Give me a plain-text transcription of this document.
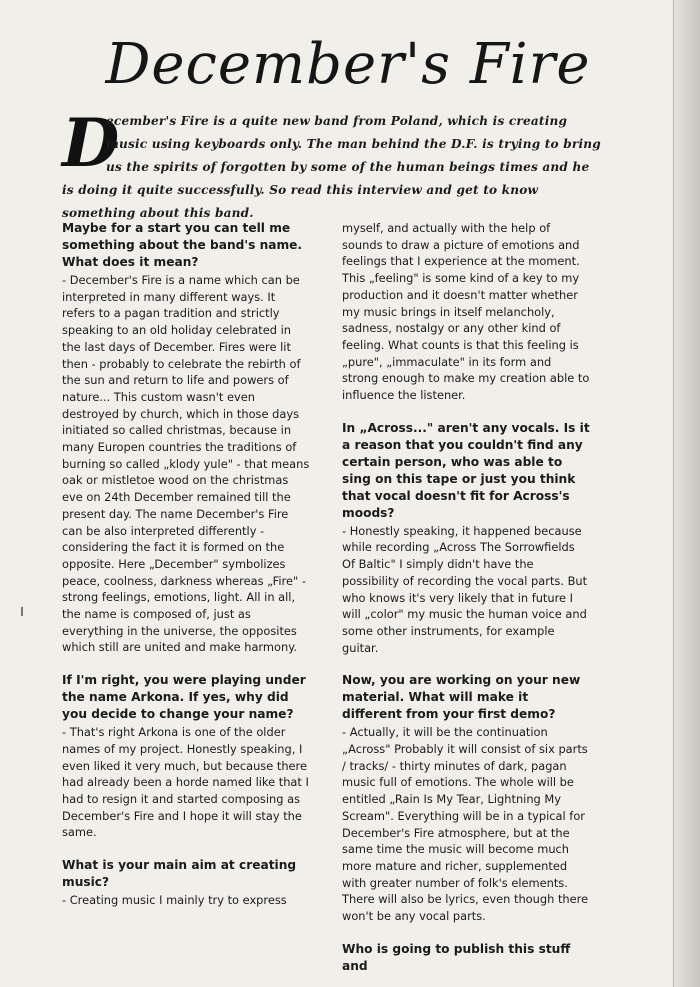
December's Fire
D
ecember's Fire is a quite new band from Poland, which is creating music using keyboards only. The man behind the D.F. is trying to bring us the spirits of forgotten by some of the human beings times and he is doing it quite successfully. So read this interview and get to know something about this band.

Maybe for a start you can tell me something about the band's name. What does it mean?

- December's Fire is a name which can be interpreted in many different ways. It refers to a pagan tradition and strictly speaking to an old holiday celebrated in the last days of December. Fires were lit then - probably to celebrate the rebirth of the sun and return to life and powers of nature... This custom wasn't even destroyed by church, which in those days initiated so called christmas, because in many Europen countries the traditions of burning so called „klody yule" - that means oak or mistletoe wood on the christmas eve on 24th December remained till the present day. The name December's Fire can be also interpreted differently - considering the fact it is formed on the opposite. Here „December" symbolizes peace, coolness, darkness whereas „Fire" - strong feelings, emotions, light. All in all, the name is composed of, just as everything in the universe, the opposites which still are united and make harmony.

If I'm right, you were playing under the name Arkona. If yes, why did you decide to change your name?

- That's right Arkona is one of the older names of my project. Honestly speaking, I even liked it very much, but because there had already been a horde named like that I had to resign it and started composing as December's Fire and I hope it will stay the same.

What is your main aim at creating music?

- Creating music I mainly try to express

myself, and actually with the help of sounds to draw a picture of emotions and feelings that I experience at the moment. This „feeling" is some kind of a key to my production and it doesn't matter whether my music brings in itself melancholy, sadness, nostalgy or any other kind of feeling. What counts is that this feeling is „pure", „immaculate" in its form and strong enough to make my creation able to influence the listener.

In „Across..." aren't any vocals. Is it a reason that you couldn't find any certain person, who was able to sing on this tape or just you think that vocal doesn't fit for Across's moods?

- Honestly speaking, it happened because while recording „Across The Sorrowfields Of Baltic" I simply didn't have the possibility of recording the vocal parts. But who knows it's very likely that in future I will „color" my music the human voice and some other instruments, for example guitar.

Now, you are working on your new material. What will make it different from your first demo?

- Actually, it will be the continuation „Across" Probably it will consist of six parts / tracks/ - thirty minutes of dark, pagan music full of emotions. The whole will be entitled „Rain Is My Tear, Lightning My Scream". Everything will be in a typical for December's Fire atmosphere, but at the same time the music will become much more mature and richer, supplemented with greater number of folk's elements. There will also be lyrics, even though there won't be any vocal parts.

Who is going to publish this stuff and
